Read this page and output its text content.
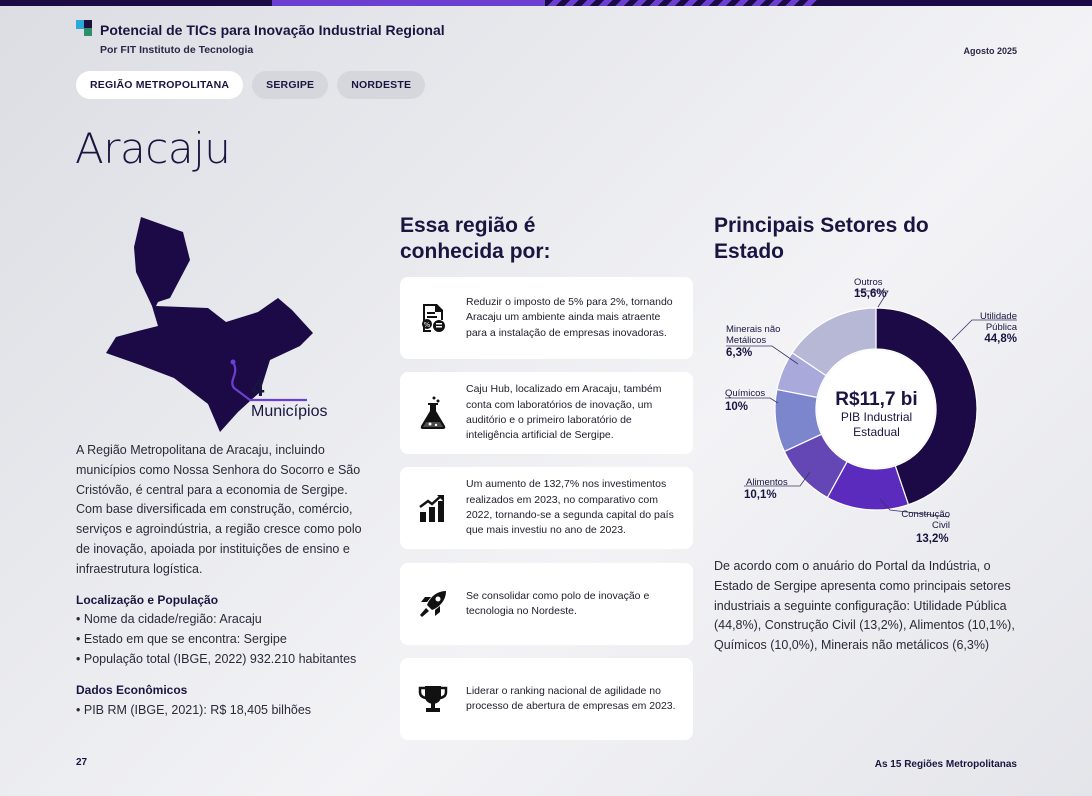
Potencial de TICs para Inovação Industrial Regional
Por FIT Instituto de Tecnologia	Agosto 2025
REGIÃO METROPOLITANA	SERGIPE	NORDESTE
Aracaju
4
Municípios

A Região Metropolitana de Aracaju, incluindo municípios como Nossa Senhora do Socorro e São Cristóvão, é central para a economia de Sergipe. Com base diversificada em construção, comércio, serviços e agroindústria, a região cresce como polo de inovação, apoiada por instituições de ensino e infraestrutura logística.

Localização e População
• Nome da cidade/região: Aracaju
• Estado em que se encontra: Sergipe
• População total (IBGE, 2022) 932.210 habitantes
Dados Econômicos
• PIB RM (IBGE, 2021): R$ 18,405 bilhões
Essa região é
conhecida por:
%
Reduzir o imposto de 5% para 2%, tornando Aracaju um ambiente ainda mais atraente para a instalação de empresas inovadoras.
Caju Hub, localizado em Aracaju, também conta com laboratórios de inovação, um auditório e o primeiro laboratório de inteligência artificial de Sergipe.
Um aumento de 132,7% nos investimentos realizados em 2023, no comparativo com 2022, tornando-se a segunda capital do país que mais investiu no ano de 2023.
Se consolidar como polo de inovação e tecnologia no Nordeste.
Liderar o ranking nacional de agilidade no processo de abertura de empresas em 2023.
Principais Setores do
Estado
R$11,7 bi
PIB Industrial
Estadual
Utilidade
Pública
44,8%
Construção
Civil
13,2%
Alimentos
10,1%
Químicos
10%
Minerais não
Metálicos
6,3%
Outros
15,6%

De acordo com o anuário do Portal da Indústria, o Estado de Sergipe apresenta como principais setores industriais a seguinte configuração: Utilidade Pública (44,8%), Construção Civil (13,2%), Alimentos (10,1%), Químicos (10,0%), Minerais não metálicos (6,3%)

27	As 15 Regiões Metropolitanas
